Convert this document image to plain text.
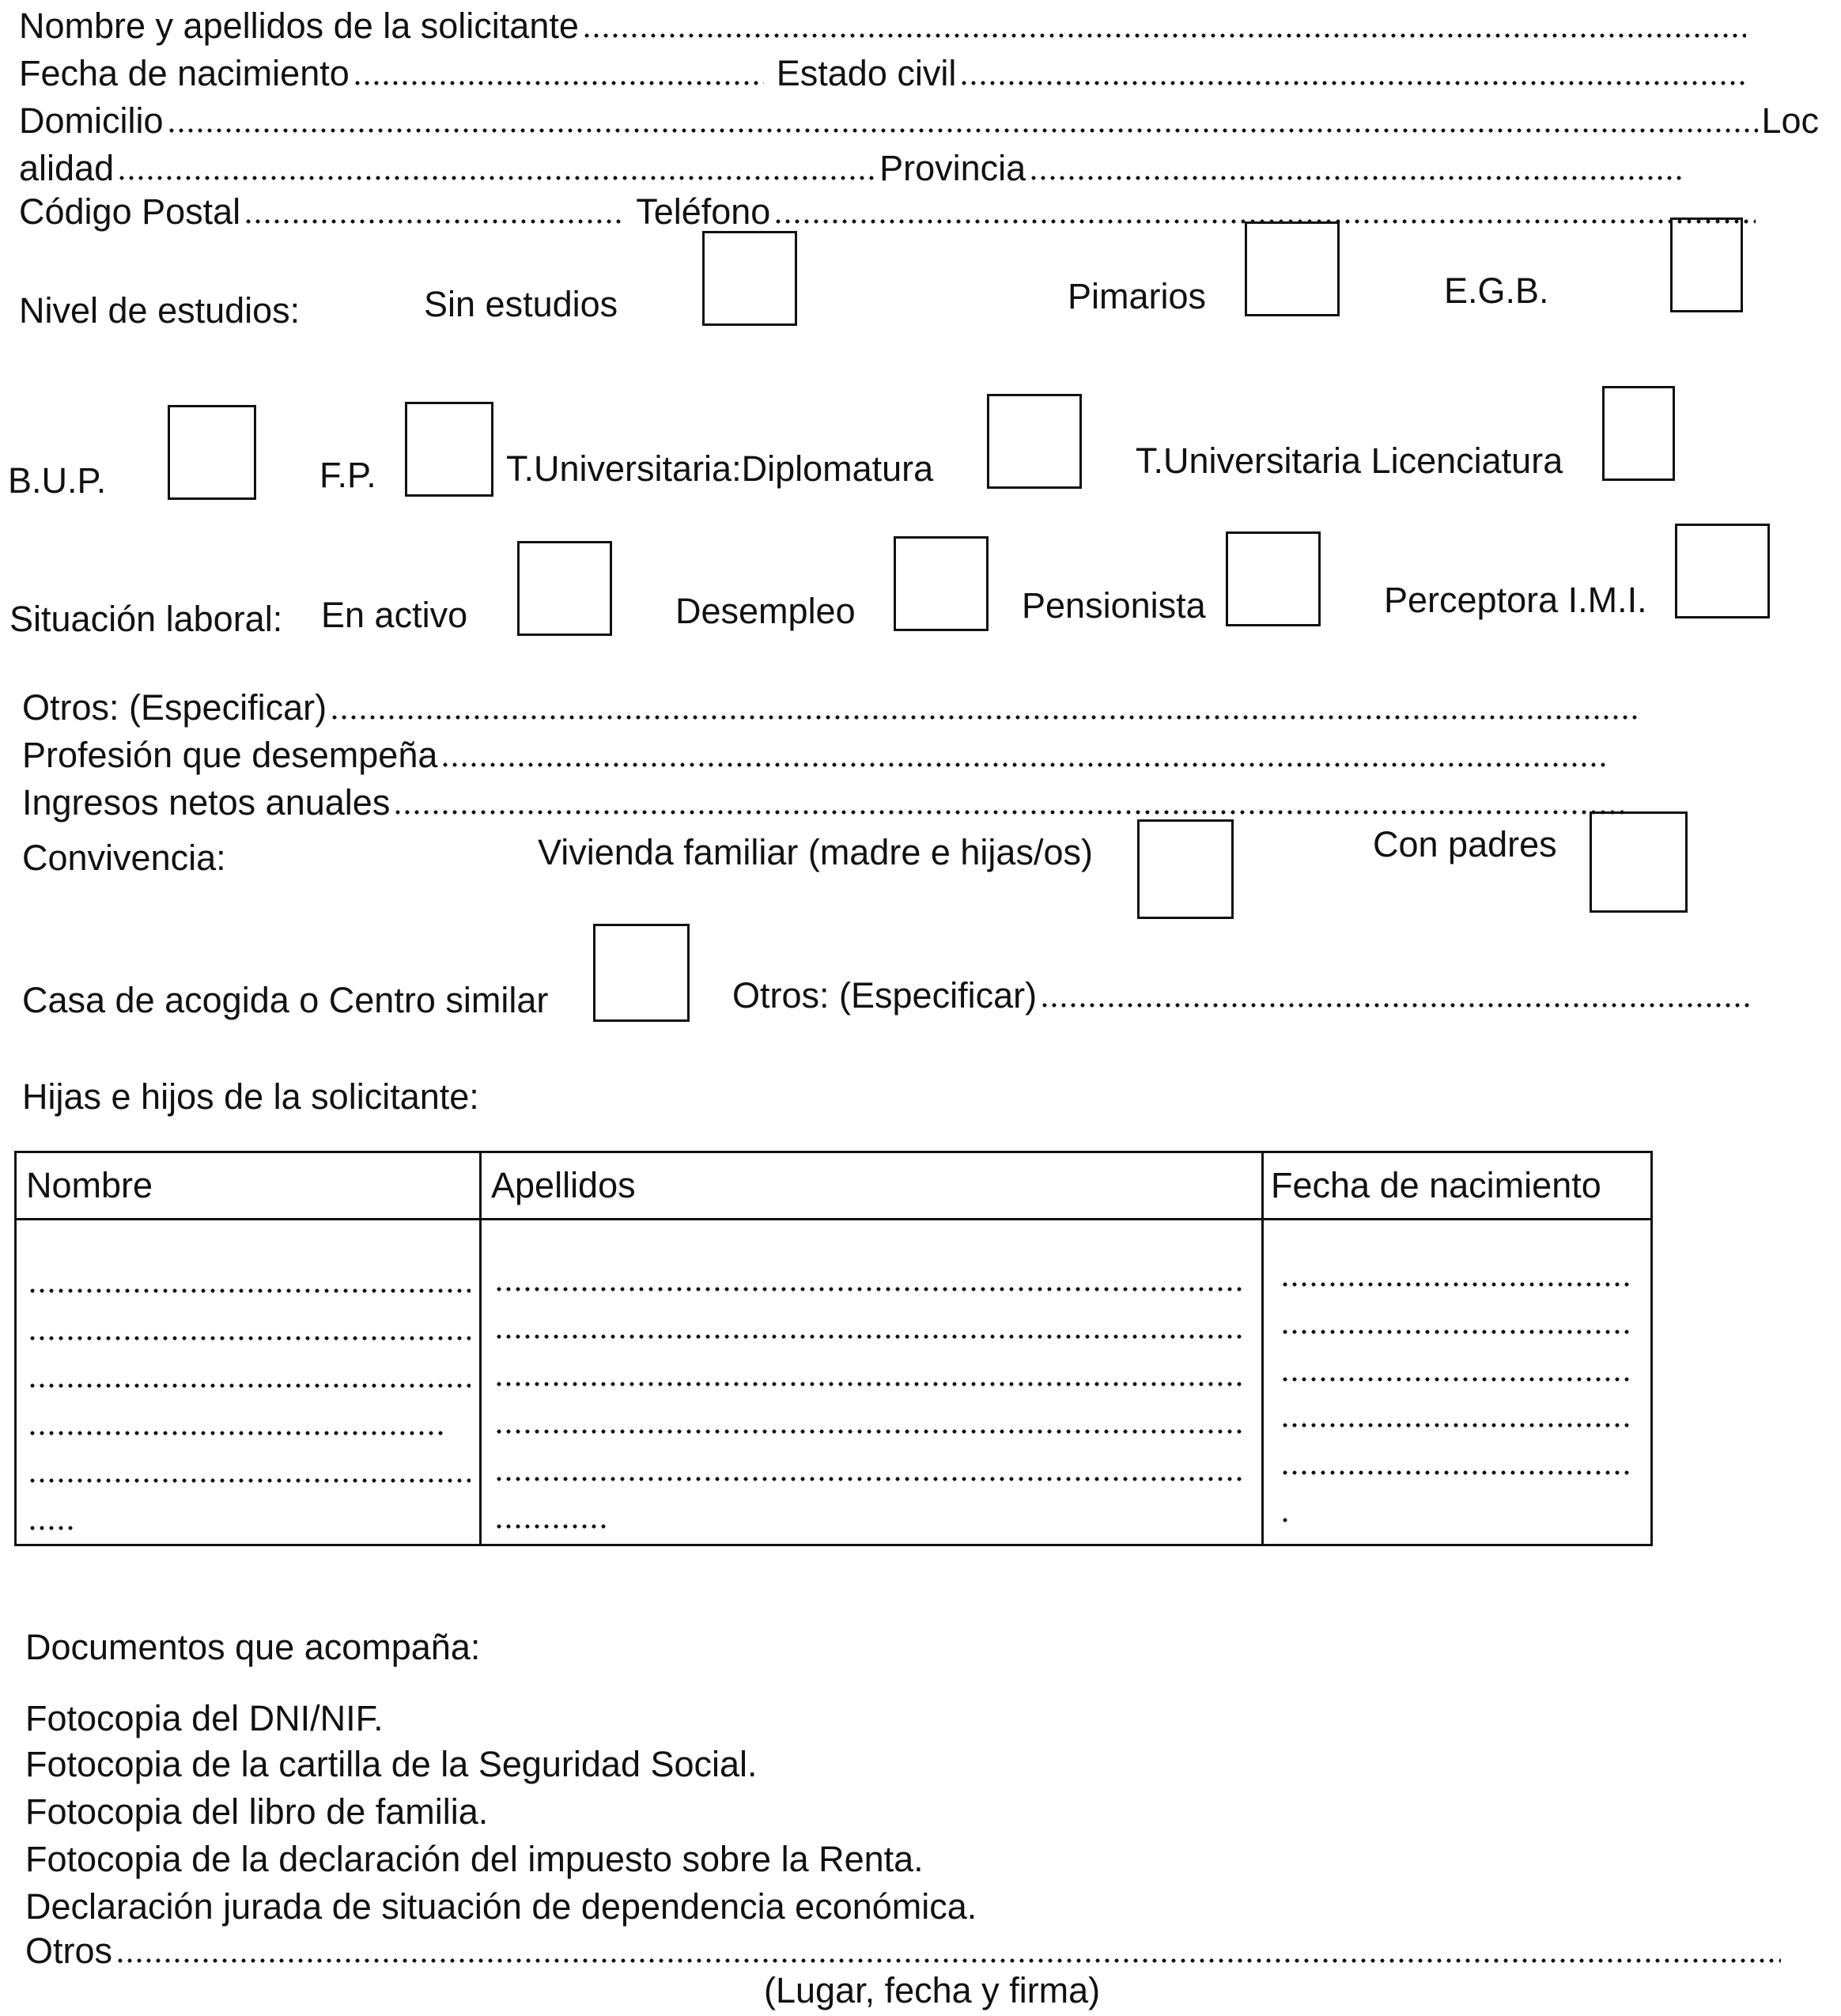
Nombre y apellidos de la solicitante
Fecha de nacimiento	Estado civil
Domicilio	Loc
alidad	Provincia
Código Postal	Teléfono
Nivel de estudios:	Sin estudios	Pimarios	E.G.B.
B.U.P.	F.P.	T.Universitaria:Diplomatura	T.Universitaria Licenciatura
Situación laboral: En activo	Desempleo	Pensionista	Perceptora I.M.I.
Otros: (Especificar)
Profesión que desempeña
Ingresos netos anuales
Convivencia:	Vivienda familiar (madre e hijas/os)	Con padres
Casa de acogida o Centro similar	Otros: (Especificar)
Hijas e hijos de la solicitante:
Nombre	Apellidos	Fecha de nacimiento
Documentos que acompaña:
Fotocopia del DNI/NIF.
Fotocopia de la cartilla de la Seguridad Social.
Fotocopia del libro de familia.
Fotocopia de la declaración del impuesto sobre la Renta.
Declaración jurada de situación de dependencia económica.
Otros
(Lugar, fecha y firma)
